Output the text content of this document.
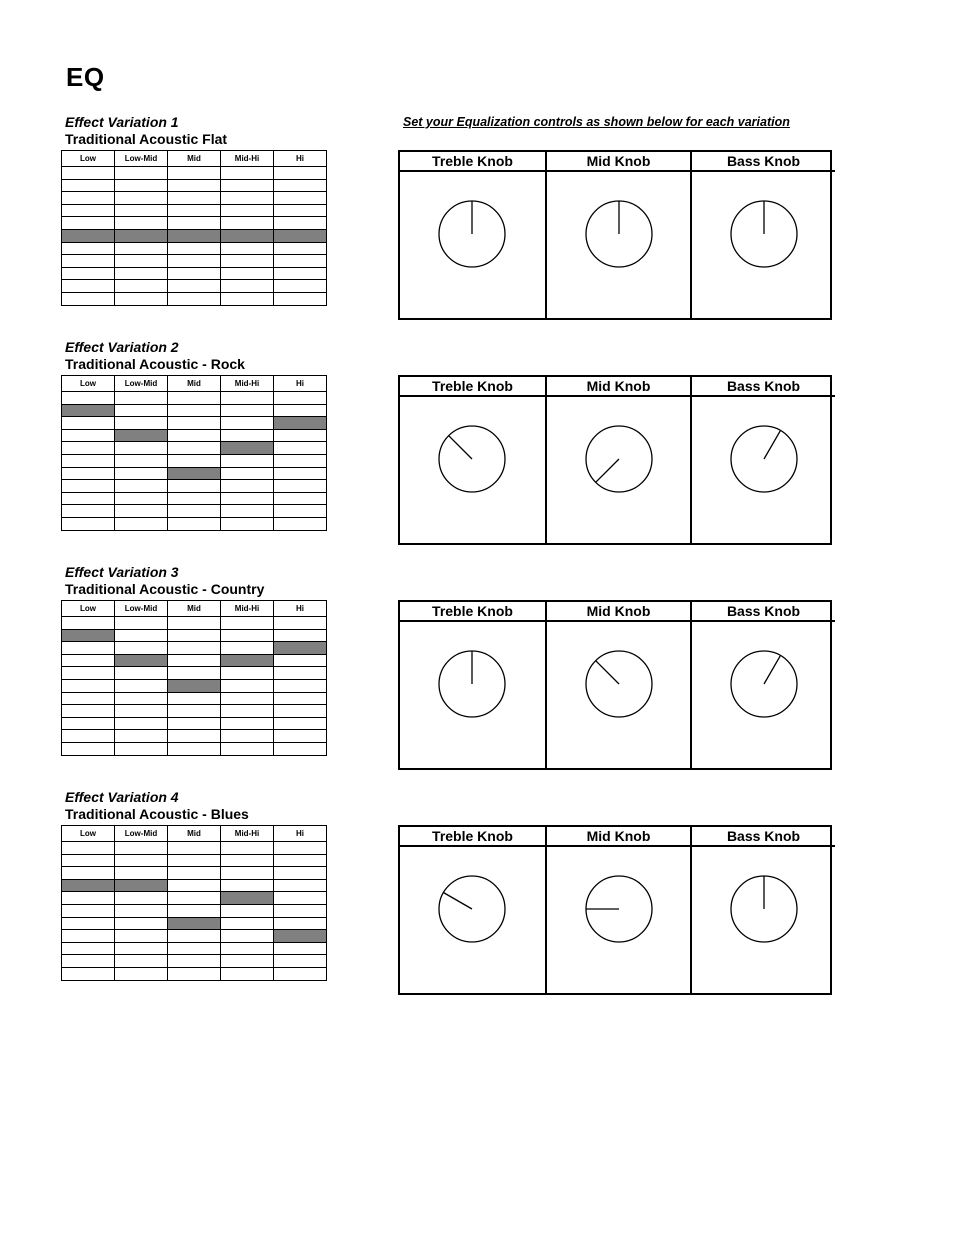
EQ
Set your Equalization controls as shown below for each variation
Effect Variation 1
Traditional Acoustic Flat
Low	Low-Mid	Mid	Mid-Hi	Hi

					Treble Knob	Mid Knob	Bass Knob
Effect Variation 2
Traditional Acoustic - Rock
Low	Low-Mid	Mid	Mid-Hi	Hi

					Treble Knob	Mid Knob	Bass Knob
Effect Variation 3
Traditional Acoustic - Country
Low	Low-Mid	Mid	Mid-Hi	Hi

					Treble Knob	Mid Knob	Bass Knob
Effect Variation 4
Traditional Acoustic - Blues
Low	Low-Mid	Mid	Mid-Hi	Hi

					Treble Knob	Mid Knob	Bass Knob
